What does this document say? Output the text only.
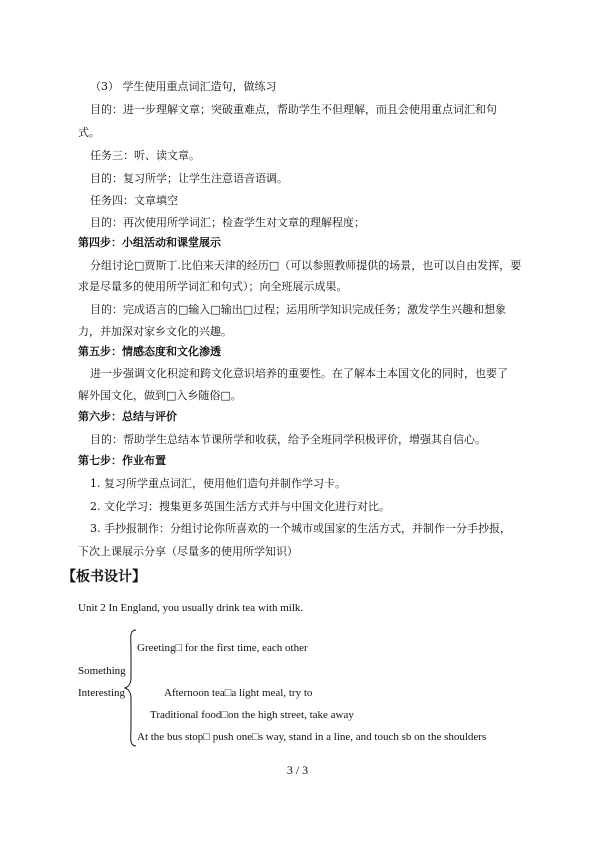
（3） 学生使用重点词汇造句，做练习
目的：进一步理解文章；突破重难点，帮助学生不但理解，而且会使用重点词汇和句
式。
任务三：听、读文章。
目的：复习所学；让学生注意语音语调。
任务四：文章填空
目的：再次使用所学词汇；检查学生对文章的理解程度；
第四步：小组活动和课堂展示
分组讨论□贾斯丁.比伯来天津的经历□（可以参照教师提供的场景，也可以自由发挥，要
求是尽量多的使用所学词汇和句式）；向全班展示成果。
目的：完成语言的□输入□输出□过程；运用所学知识完成任务；激发学生兴趣和想象
力，并加深对家乡文化的兴趣。
第五步：情感态度和文化渗透
进一步强调文化积淀和跨文化意识培养的重要性。在了解本土本国文化的同时，也要了
解外国文化，做到□入乡随俗□。
第六步：总结与评价
目的：帮助学生总结本节课所学和收获，给予全班同学积极评价，增强其自信心。
第七步：作业布置
1. 复习所学重点词汇，使用他们造句并制作学习卡。
2. 文化学习：搜集更多英国生活方式并与中国文化进行对比。
3. 手抄报制作：分组讨论你所喜欢的一个城市或国家的生活方式，并制作一分手抄报，
下次上课展示分享（尽量多的使用所学知识）
【板书设计】
Unit 2 In England, you usually drink tea with milk.
Something
Interesting
Greeting□ for the first time, each other
Afternoon tea□a light meal, try to
Traditional food□on the high street, take away
At the bus stop□ push one□s way, stand in a line, and touch sb on the shoulders
3 / 3
